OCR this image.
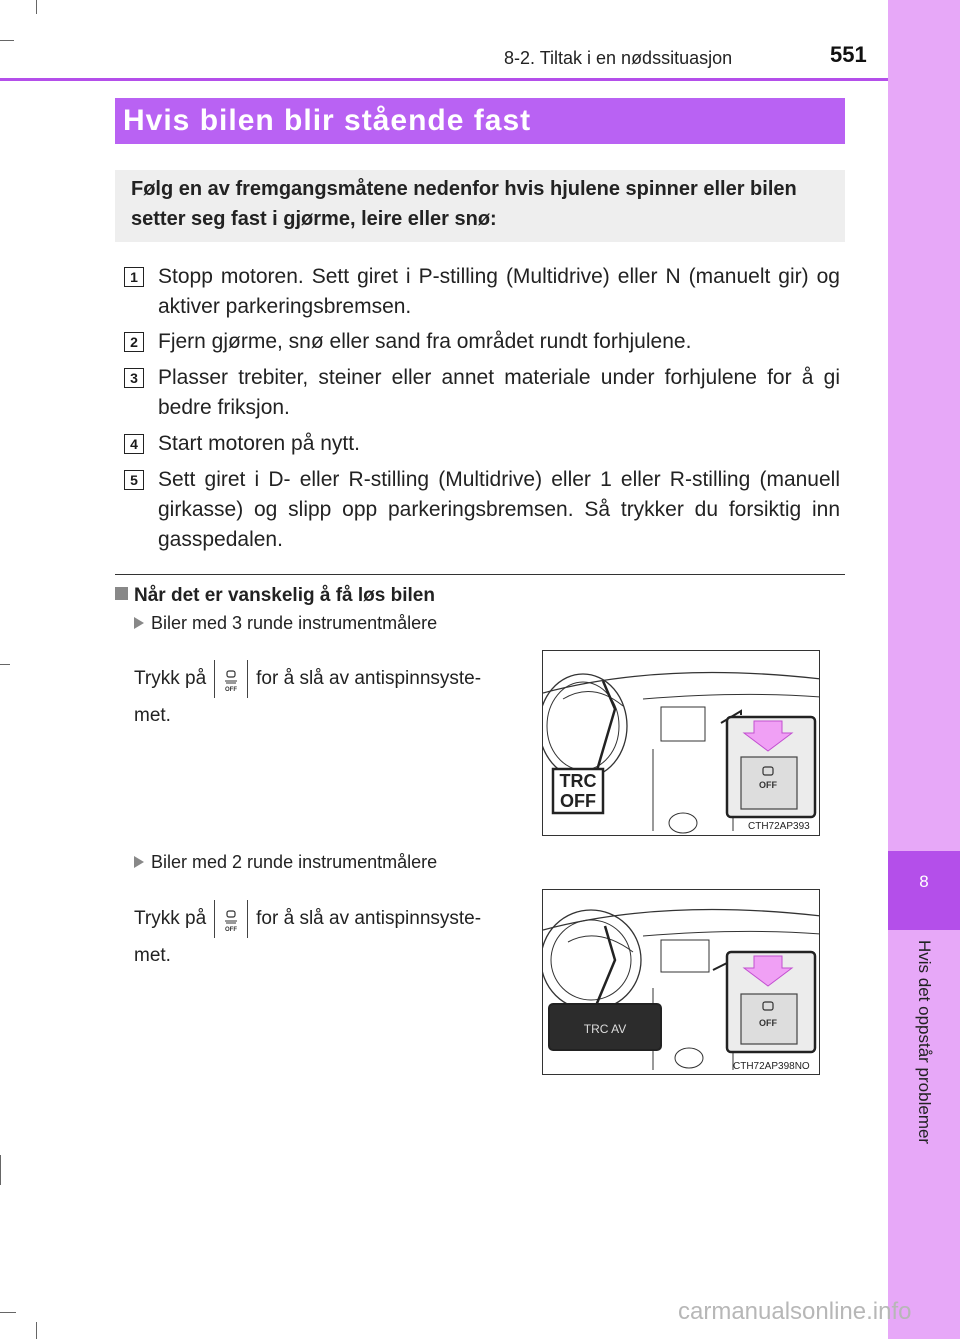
8-2. Tiltak i en nødssituasjon	551
8
Hvis det oppstår problemer
Hvis bilen blir stående fast
Følg en av fremgangsmåtene nedenfor hvis hjulene spinner eller bilen setter seg fast i gjørme, leire eller snø:
1 Stopp motoren. Sett giret i P-stilling (Multidrive) eller N (manuelt gir) og aktiver parkeringsbremsen.
2 Fjern gjørme, snø eller sand fra området rundt forhjulene.
3 Plasser trebiter, steiner eller annet materiale under forhjulene for å gi bedre friksjon.
4 Start motoren på nytt.
5 Sett giret i D- eller R-stilling (Multidrive) eller 1 eller R-stilling (manuell girkasse) og slipp opp parkeringsbremsen. Så trykker du forsiktig inn gasspedalen.
Når det er vanskelig å få løs bilen
Biler med 3 runde instrumentmålere
Trykk på
OFF
for å slå av antispinnsyste-
met.
TRC OFF
OFF
CTH72AP393
Biler med 2 runde instrumentmålere
Trykk på
OFF
for å slå av antispinnsyste-
met.
TRC AV	OFF
CTH72AP398NO
carmanualsonline.info
